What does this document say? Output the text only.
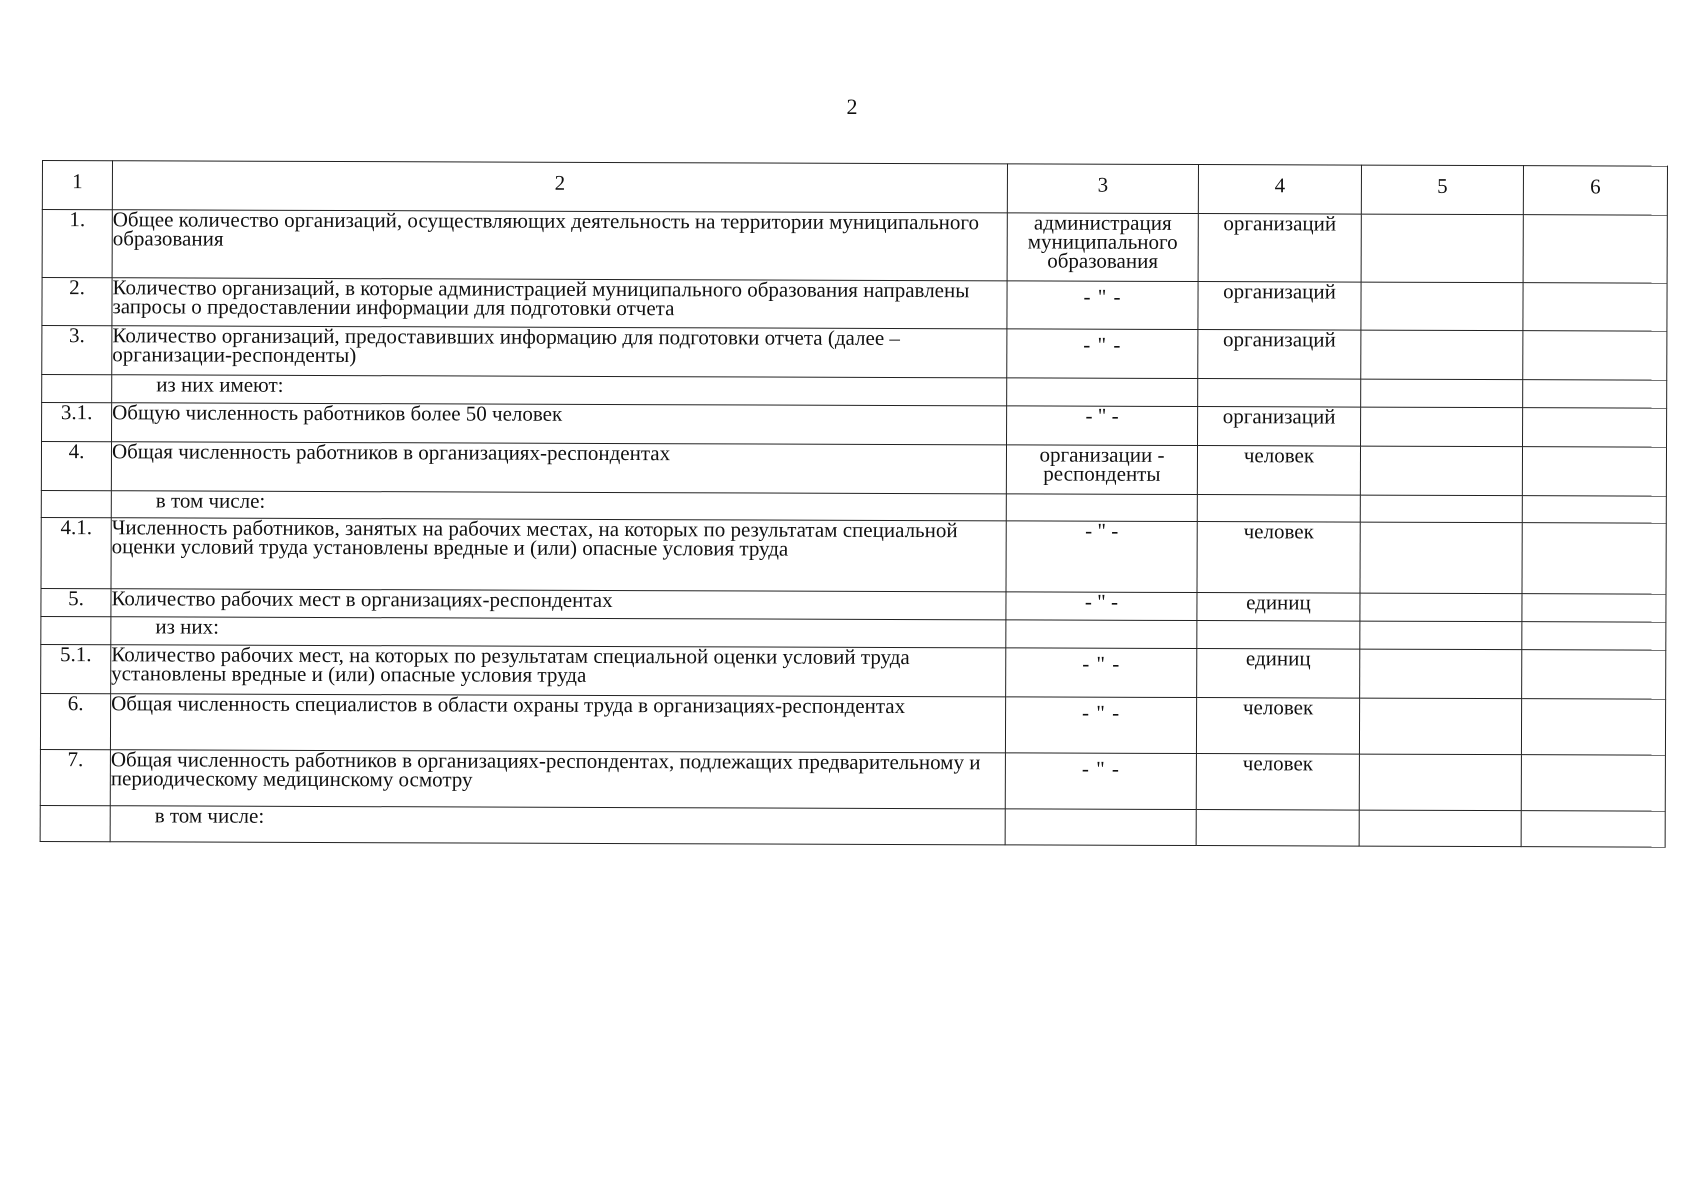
2
1	2	3	4	5	6
1.	Общее количество организаций, осуществляющих деятельность на территории муниципального образования	администрация муниципального образования	организаций		
2.	Количество организаций, в которые администрацией муниципального образования направлены запросы о предоставлении информации для подготовки отчета	- " -	организаций		
3.	Количество организаций, предоставивших информацию для подготовки отчета (далее – организации-респонденты)	- " -	организаций		
	из них имеют:				
3.1.	Общую численность работников более 50 человек	- " -	организаций		
4.	Общая численность работников в организациях-респондентах	организации - респонденты	человек		
	в том числе:				
4.1.	Численность работников, занятых на рабочих местах, на которых по результатам специальной оценки условий труда установлены вредные и (или) опасные условия труда	- " -	человек		
5.	Количество рабочих мест в организациях-респондентах	- " -	единиц		
	из них:				
5.1.	Количество рабочих мест, на которых по результатам специальной оценки условий труда установлены вредные и (или) опасные условия труда	- " -	единиц		
6.	Общая численность специалистов в области охраны труда в организациях-респондентах	- " -	человек		
7.	Общая численность работников в организациях-респондентах, подлежащих предварительному и периодическому медицинскому осмотру	- " -	человек		
	в том числе:				
